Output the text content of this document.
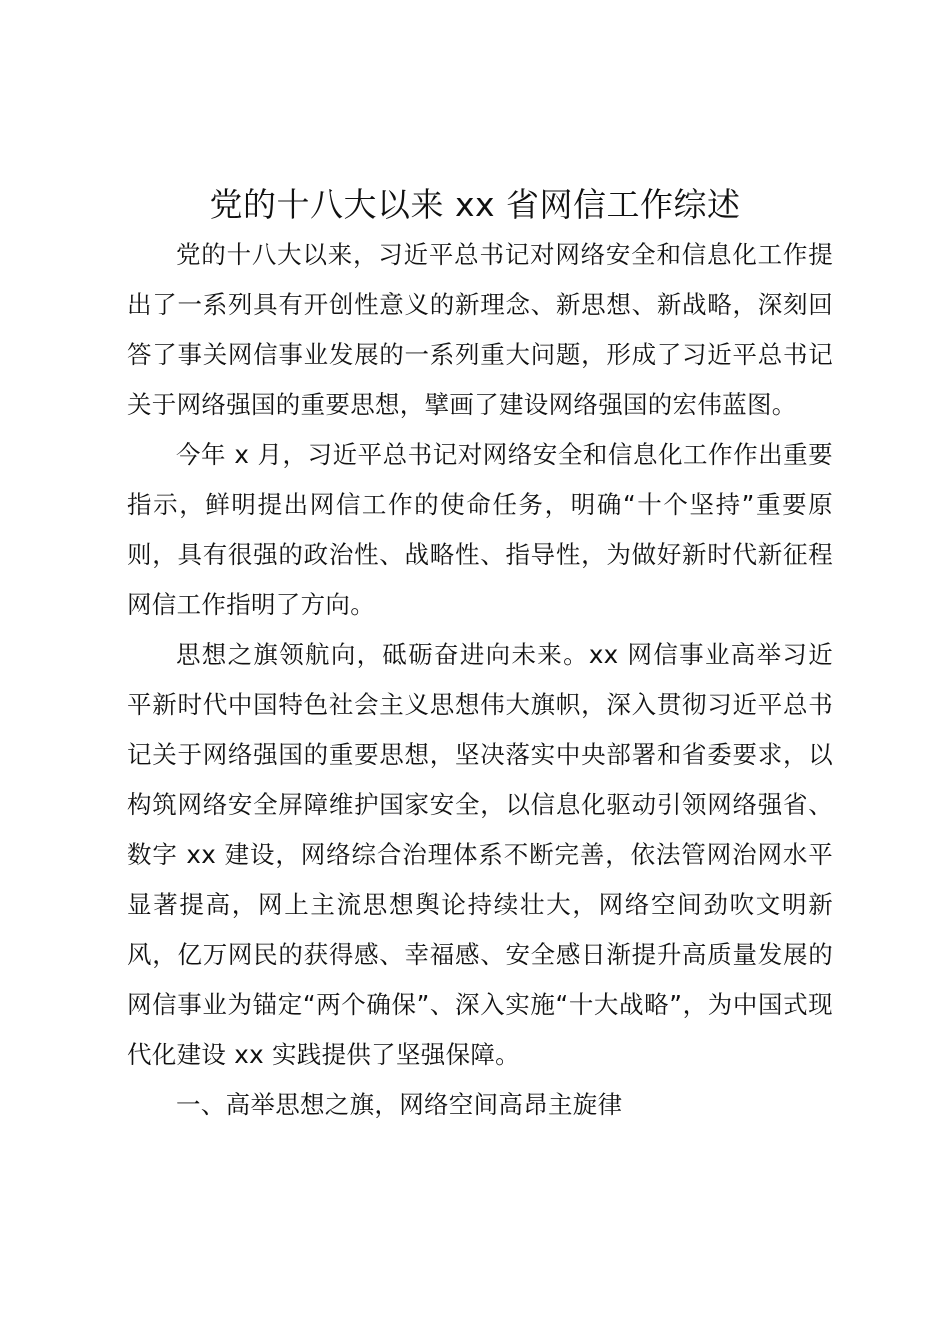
党的十八大以来 xx 省网信工作综述

党的十八大以来，习近平总书记对网络安全和信息化工作提出了一系列具有开创性意义的新理念、新思想、新战略，深刻回答了事关网信事业发展的一系列重大问题，形成了习近平总书记关于网络强国的重要思想，擘画了建设网络强国的宏伟蓝图。

今年 x 月，习近平总书记对网络安全和信息化工作作出重要指示，鲜明提出网信工作的使命任务，明确“十个坚持”重要原则，具有很强的政治性、战略性、指导性，为做好新时代新征程网信工作指明了方向。

思想之旗领航向，砥砺奋进向未来。xx 网信事业高举习近平新时代中国特色社会主义思想伟大旗帜，深入贯彻习近平总书记关于网络强国的重要思想，坚决落实中央部署和省委要求，以构筑网络安全屏障维护国家安全，以信息化驱动引领网络强省、数字 xx 建设，网络综合治理体系不断完善，依法管网治网水平显著提高，网上主流思想舆论持续壮大，网络空间劲吹文明新风，亿万网民的获得感、幸福感、安全感日渐提升高质量发展的网信事业为锚定“两个确保”、深入实施“十大战略”，为中国式现代化建设 xx 实践提供了坚强保障。

一、高举思想之旗，网络空间高昂主旋律
